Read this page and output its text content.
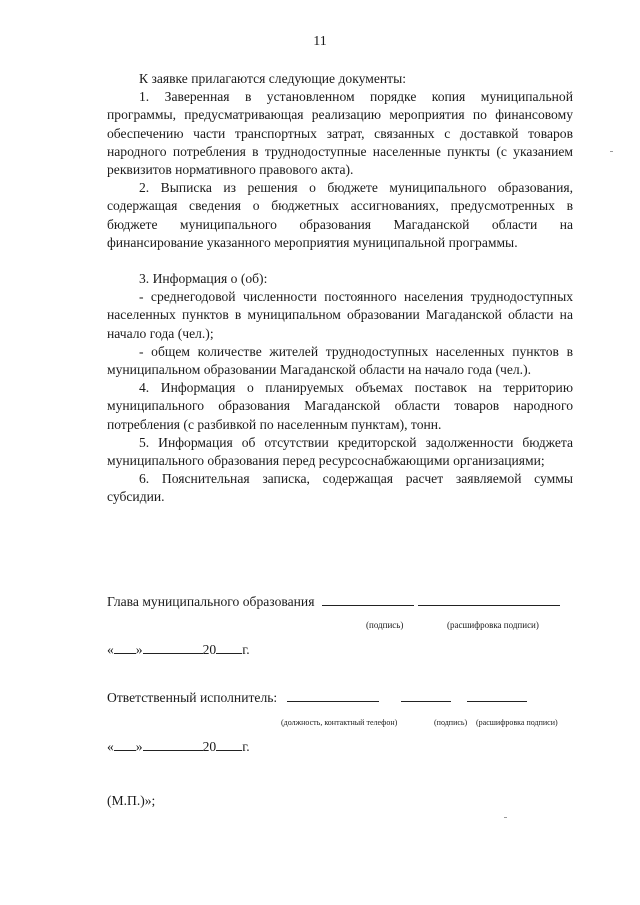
11

К заявке прилагаются следующие документы:

1. Заверенная в установленном порядке копия муниципальной программы, предусматривающая реализацию мероприятия по финансовому обеспечению части транспортных затрат, связанных с доставкой товаров народного потребления в труднодоступные населенные пункты (с указанием реквизитов нормативного правового акта).

2. Выписка из решения о бюджете муниципального образования, содержащая сведения о бюджетных ассигнованиях, предусмотренных в бюджете муниципального образования Магаданской области на финансирование указанного мероприятия муниципальной программы.

3. Информация о (об):

- среднегодовой численности постоянного населения труднодоступных населенных пунктов в муниципальном образовании Магаданской области на начало года (чел.);

- общем количестве жителей труднодоступных населенных пунктов в муниципальном образовании Магаданской области на начало года (чел.).

4. Информация о планируемых объемах поставок на территорию муниципального образования Магаданской области товаров народного потребления (с разбивкой по населенным пунктам), тонн.

5. Информация об отсутствии кредиторской задолженности бюджета муниципального образования перед ресурсоснабжающими организациями;

6. Пояснительная записка, содержащая расчет заявляемой суммы субсидии.

Глава муниципального образования
(подпись)	(расшифровка подписи)
« »	20 г.
Ответственный исполнитель:
(должность, контактный телефон)	(подпись) (расшифровка подписи)
« »	20 г.
(М.П.)»;
